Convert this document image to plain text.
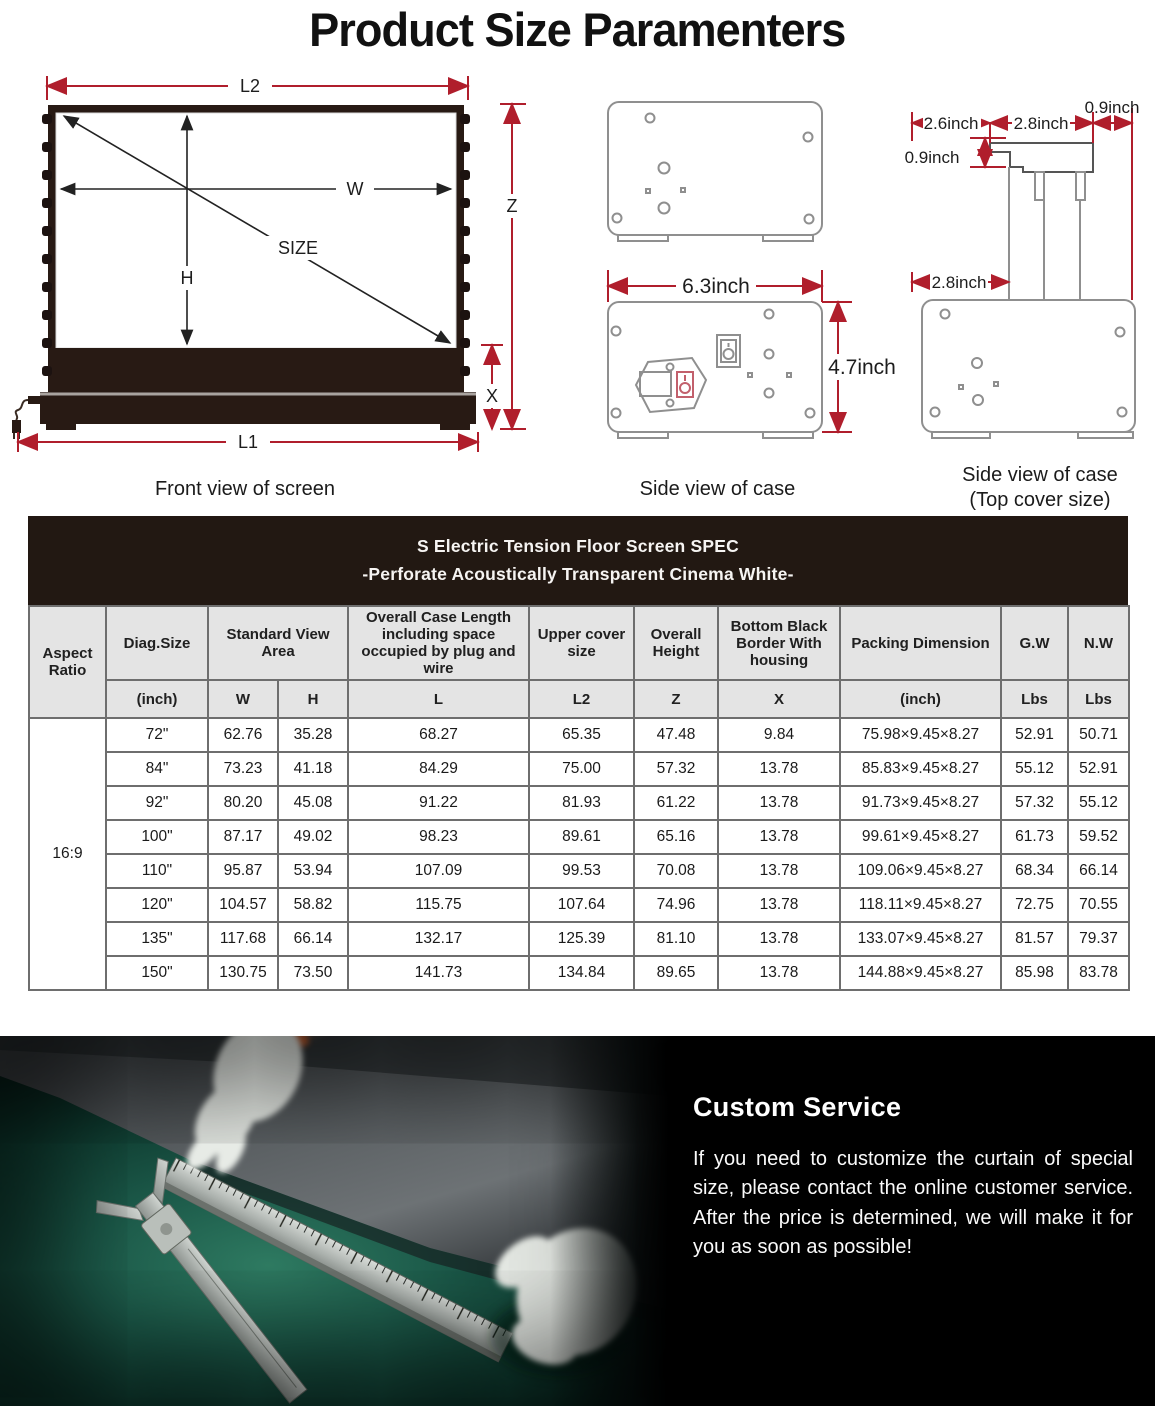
Product Size Paramenters
L2
W
H
SIZE
Z
X
L1
Front view of screen
6.3inch
4.7inch
Side view of case
0.9inch
2.6inch 2.8inch
0.9inch
2.8inch
Side view of case
(Top cover size)
S Electric Tension Floor Screen SPEC
-Perforate Acoustically Transparent Cinema White-
Aspect Ratio	Diag.Size	Standard View Area		Overall Case Length including space occupied by plug and wire	Upper cover size	Overall Height	Bottom Black Border With housing	Packing Dimension	G.W	N.W
	(inch)	W	H	L	L2	Z	X	(inch)	Lbs	Lbs
16:9	72"	62.76	35.28	68.27	65.35	47.48	9.84	75.98×9.45×8.27	52.91	50.71
	84"	73.23	41.18	84.29	75.00	57.32	13.78	85.83×9.45×8.27	55.12	52.91
	92"	80.20	45.08	91.22	81.93	61.22	13.78	91.73×9.45×8.27	57.32	55.12
	100"	87.17	49.02	98.23	89.61	65.16	13.78	99.61×9.45×8.27	61.73	59.52
	110"	95.87	53.94	107.09	99.53	70.08	13.78	109.06×9.45×8.27	68.34	66.14
	120"	104.57	58.82	115.75	107.64	74.96	13.78	118.11×9.45×8.27	72.75	70.55
	135"	117.68	66.14	132.17	125.39	81.10	13.78	133.07×9.45×8.27	81.57	79.37
	150"	130.75	73.50	141.73	134.84	89.65	13.78	144.88×9.45×8.27	85.98	83.78
Custom Service
If you need to customize the curtain of special size, please contact the online customer service. After the price is determined, we will make it for you as soon as possible!
